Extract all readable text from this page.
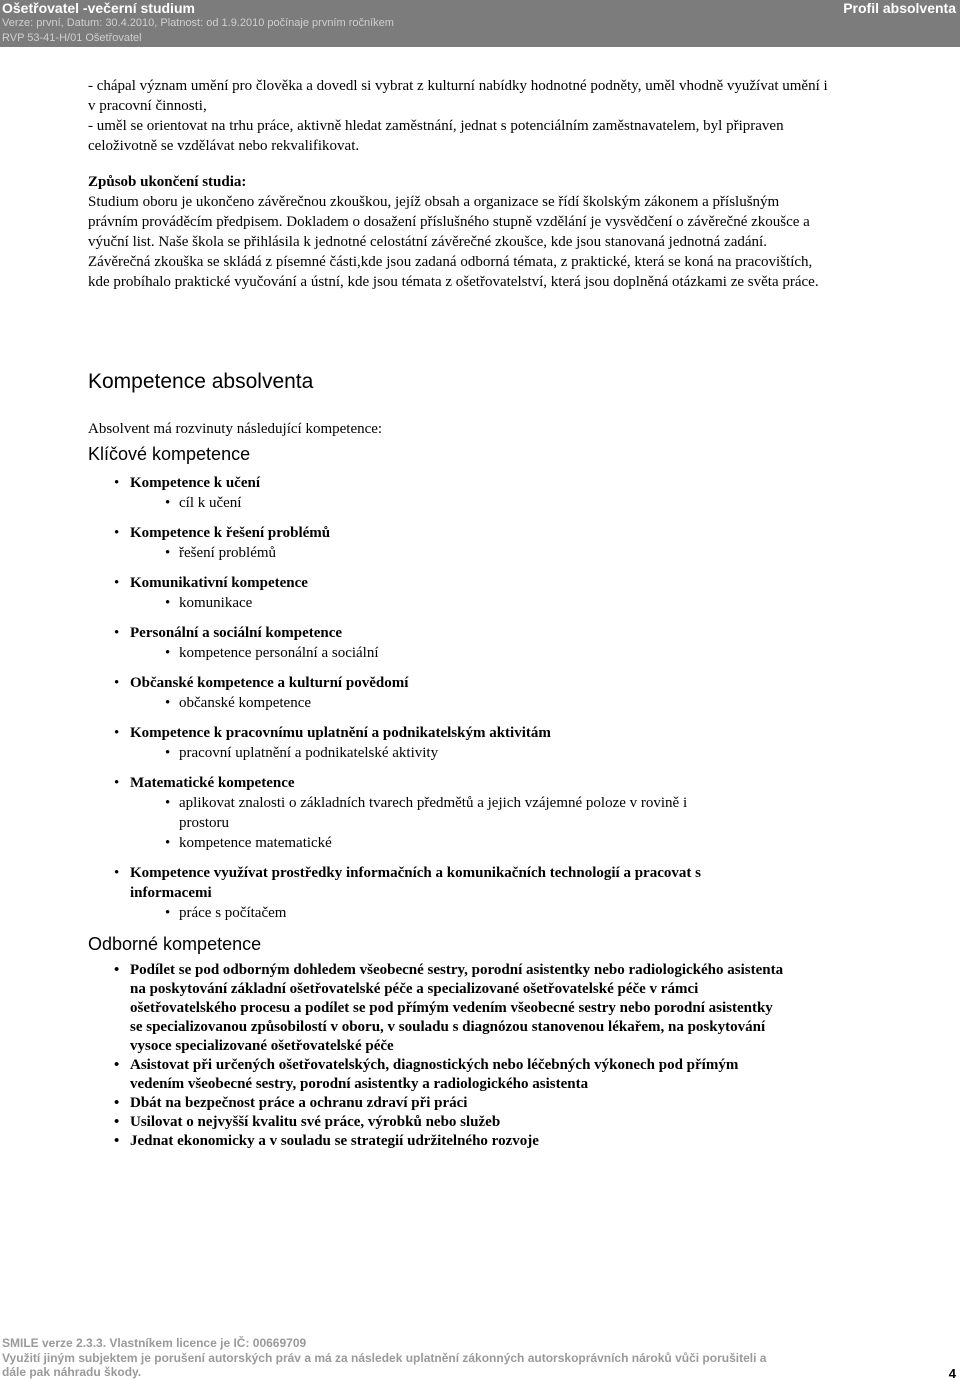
Ošetřovatel -večerní studium
Verze: první, Datum: 30.4.2010, Platnost: od 1.9.2010 počínaje prvním ročníkem
RVP 53-41-H/01 Ošetřovatel
Profil absolventa

- chápal význam umění pro člověka a dovedl si vybrat z kulturní nabídky hodnotné podněty, uměl vhodně využívat umění i v pracovní činnosti,

- uměl se orientovat na trhu práce, aktivně hledat zaměstnání, jednat s potenciálním zaměstnavatelem, byl připraven celoživotně se vzdělávat nebo rekvalifikovat.

Způsob ukončení studia:

Studium oboru je ukončeno závěrečnou zkouškou, jejíž obsah a organizace se řídí školským zákonem a příslušným právním prováděcím předpisem. Dokladem o dosažení příslušného stupně vzdělání je vysvědčení o závěrečné zkoušce a výuční list. Naše škola se přihlásila k jednotné celostátní závěrečné zkoušce, kde jsou stanovaná jednotná zadání. Závěrečná zkouška se skládá z písemné části,kde jsou zadaná odborná témata, z praktické, která se koná na pracovištích, kde probíhalo praktické vyučování a ústní, kde jsou témata z ošetřovatelství, která jsou doplněná otázkami ze světa práce.

Kompetence absolventa

Absolvent má rozvinuty následující kompetence:

Klíčové kompetence
• Kompetence k učení
• cíl k učení
• Kompetence k řešení problémů
• řešení problémů
• Komunikativní kompetence
• komunikace
• Personální a sociální kompetence
• kompetence personální a sociální
• Občanské kompetence a kulturní povědomí
• občanské kompetence
• Kompetence k pracovnímu uplatnění a podnikatelským aktivitám
• pracovní uplatnění a podnikatelské aktivity
• Matematické kompetence
• aplikovat znalosti o základních tvarech předmětů a jejich vzájemné poloze v rovině i prostoru
• kompetence matematické
• Kompetence využívat prostředky informačních a komunikačních technologií a pracovat s informacemi
• práce s počítačem
Odborné kompetence
• Podílet se pod odborným dohledem všeobecné sestry, porodní asistentky nebo radiologického asistenta na poskytování základní ošetřovatelské péče a specializované ošetřovatelské péče v rámci ošetřovatelského procesu a podílet se pod přímým vedením všeobecné sestry nebo porodní asistentky se specializovanou způsobilostí v oboru, v souladu s diagnózou stanovenou lékařem, na poskytování vysoce specializované ošetřovatelské péče
• Asistovat při určených ošetřovatelských, diagnostických nebo léčebných výkonech pod přímým vedením všeobecné sestry, porodní asistentky a radiologického asistenta
• Dbát na bezpečnost práce a ochranu zdraví při práci
• Usilovat o nejvyšší kvalitu své práce, výrobků nebo služeb
• Jednat ekonomicky a v souladu se strategií udržitelného rozvoje
SMILE verze 2.3.3. Vlastníkem licence je IČ: 00669709
Využití jiným subjektem je porušení autorských práv a má za následek uplatnění zákonných autorskoprávních nároků vůči porušiteli a
dále pak náhradu škody.	4
